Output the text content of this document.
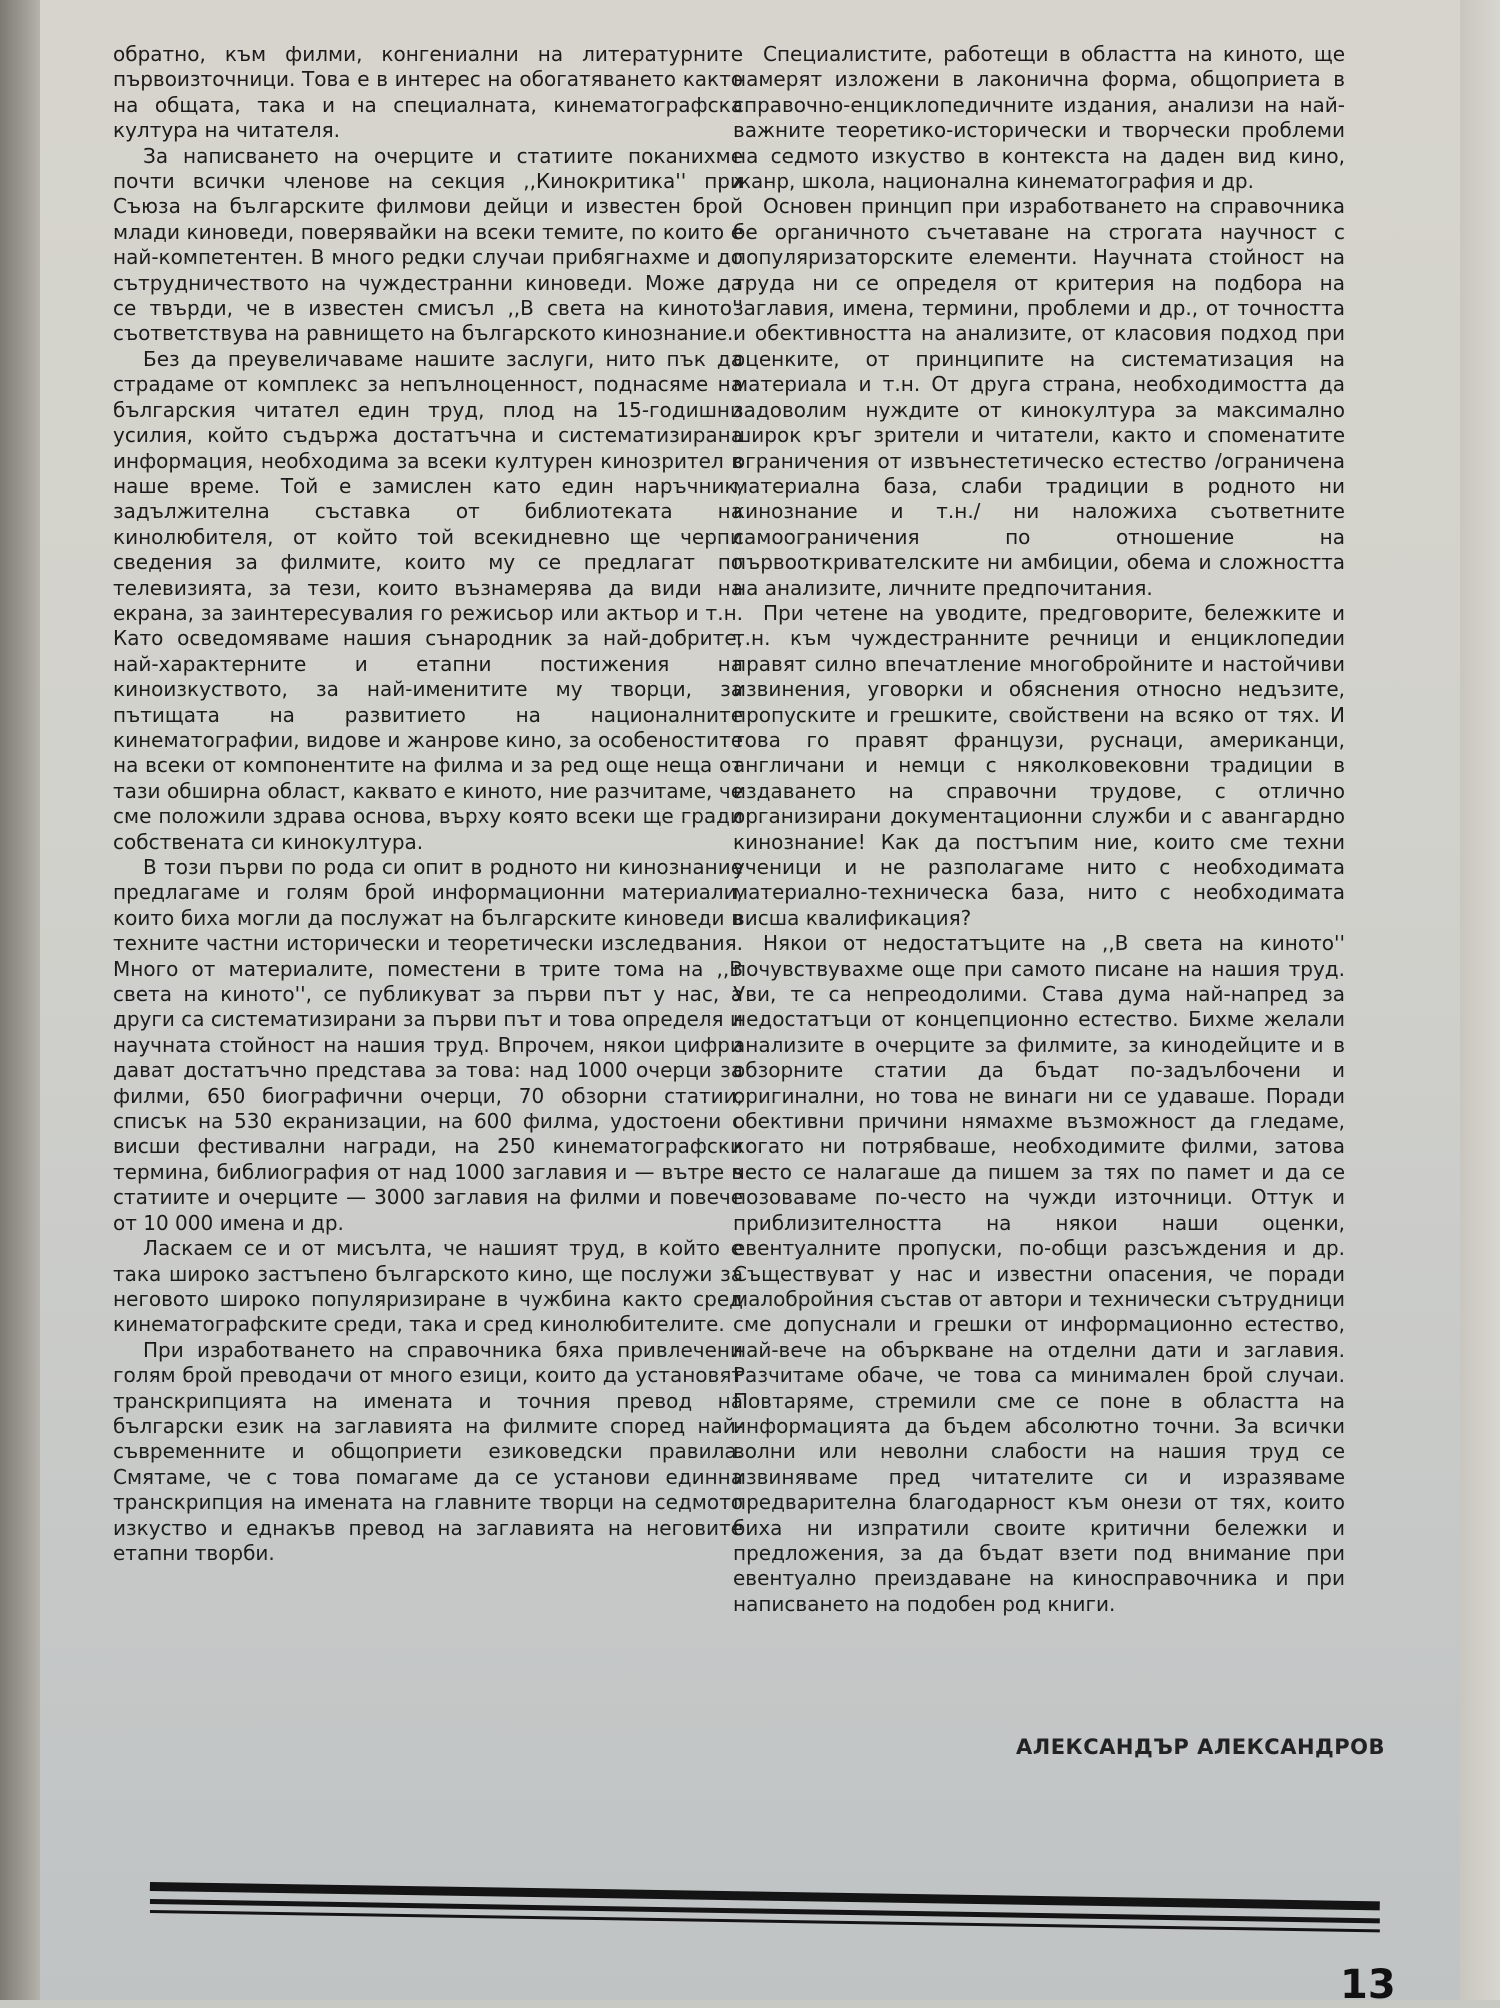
обратно, към филми, конгениални на литературните първоизточници. Това е в интерес на обогатяването както на общата, така и на специалната, кинематографска култура на читателя.

За написването на очерците и статиите поканихме почти всички членове на секция ,,Кинокритика'' при Съюза на българските филмови дейци и известен брой млади киноведи, поверявайки на всеки темите, по които е най-компетентен. В много редки случаи прибягнахме и до сътрудничеството на чуждестранни киноведи. Може да се твърди, че в известен смисъл ,,В света на киното'' съответствува на равнището на българското кинознание.

Без да преувеличаваме нашите заслуги, нито пък да страдаме от комплекс за непълноценност, поднасяме на българския читател един труд, плод на 15-годишни усилия, който съдържа достатъчна и систематизирана информация, необходима за всеки културен кинозрител в наше време. Той е замислен като един наръчник, задължителна съставка от библиотеката на кинолюбителя, от който той всекидневно ще черпи сведения за филмите, които му се предлагат по телевизията, за тези, които възнамерява да види на екрана, за заинтересувалия го режисьор или актьор и т.н. Като осведомяваме нашия сънародник за най-добрите, най-характерните и етапни постижения на киноизкуството, за най-именитите му творци, за пътищата на развитието на националните кинематографии, видове и жанрове кино, за особеностите на всеки от компонентите на филма и за ред още неща от тази обширна област, каквато е киното, ние разчитаме, че сме положили здрава основа, върху която всеки ще гради собствената си кинокултура.

В този първи по рода си опит в родното ни кинознание предлагаме и голям брой информационни материали, които биха могли да послужат на българските киноведи в техните частни исторически и теоретически изследвания. Много от материалите, поместени в трите тома на ,,В света на киното'', се публикуват за първи път у нас, а други са систематизирани за първи път и това определя и научната стойност на нашия труд. Впрочем, някои цифри дават достатъчно представа за това: над 1000 очерци за филми, 650 биографични очерци, 70 обзорни статии, списък на 530 екранизации, на 600 филма, удостоени с висши фестивални награди, на 250 кинематографски термина, библиография от над 1000 заглавия и — вътре в статиите и очерците — 3000 заглавия на филми и повече от 10 000 имена и др.

Ласкаем се и от мисълта, че нашият труд, в който е така широко застъпено българското кино, ще послужи за неговото широко популяризиране в чужбина както сред кинематографските среди, така и сред кинолюбителите.

При изработването на справочника бяха привлечени голям брой преводачи от много езици, които да установят транскрипцията на имената и точния превод на български език на заглавията на филмите според най-съвременните и общоприети езиковедски правила. Смятаме, че с това помагаме да се установи единна транскрипция на имената на главните творци на седмото изкуство и еднакъв превод на заглавията на неговите етапни творби.

Специалистите, работещи в областта на киното, ще намерят изложени в лаконична форма, общоприета в справочно-енциклопедичните издания, анализи на най-важните теоретико-исторически и творчески проблеми на седмото изкуство в контекста на даден вид кино, жанр, школа, национална кинематография и др.

Основен принцип при изработването на справочника бе органичното съчетаване на строгата научност с популяризаторските елементи. Научната стойност на труда ни се определя от критерия на подбора на заглавия, имена, термини, проблеми и др., от точността и обективността на анализите, от класовия подход при оценките, от принципите на систематизация на материала и т.н. От друга страна, необходимостта да задоволим нуждите от кинокултура за максимално широк кръг зрители и читатели, както и споменатите ограничения от извънестетическо естество /ограничена материална база, слаби традиции в родното ни кинознание и т.н./ ни наложиха съответните самоограничения по отношение на първооткривателските ни амбиции, обема и сложността на анализите, личните предпочитания.

При четене на уводите, предговорите, бележките и т.н. към чуждестранните речници и енциклопедии правят силно впечатление многобройните и настойчиви извинения, уговорки и обяснения относно недъзите, пропуските и грешките, свойствени на всяко от тях. И това го правят французи, руснаци, американци, англичани и немци с няколковековни традиции в издаването на справочни трудове, с отлично организирани документационни служби и с авангардно кинознание! Как да постъпим ние, които сме техни ученици и не разполагаме нито с необходимата материално-техническа база, нито с необходимата висша квалификация?

Някои от недостатъците на ,,В света на киното'' почувствувахме още при самото писане на нашия труд. Уви, те са непреодолими. Става дума най-напред за недостатъци от концепционно естество. Бихме желали анализите в очерците за филмите, за кинодейците и в обзорните статии да бъдат по-задълбочени и оригинални, но това не винаги ни се удаваше. Поради обективни причини нямахме възможност да гледаме, когато ни потрябваше, необходимите филми, затова често се налагаше да пишем за тях по памет и да се позоваваме по-често на чужди източници. Оттук и приблизителността на някои наши оценки, евентуалните пропуски, по-общи разсъждения и др. Съществуват у нас и известни опасения, че поради малобройния състав от автори и технически сътрудници сме допуснали и грешки от информационно естество, най-вече на объркване на отделни дати и заглавия. Разчитаме обаче, че това са минимален брой случаи. Повтаряме, стремили сме се поне в областта на информацията да бъдем абсолютно точни. За всички волни или неволни слабости на нашия труд се извиняваме пред читателите си и изразяваме предварителна благодарност към онези от тях, които биха ни изпратили своите критични бележки и предложения, за да бъдат взети под внимание при евентуално преиздаване на киносправочника и при написването на подобен род книги.

АЛЕКСАНДЪР АЛЕКСАНДРОВ
13
